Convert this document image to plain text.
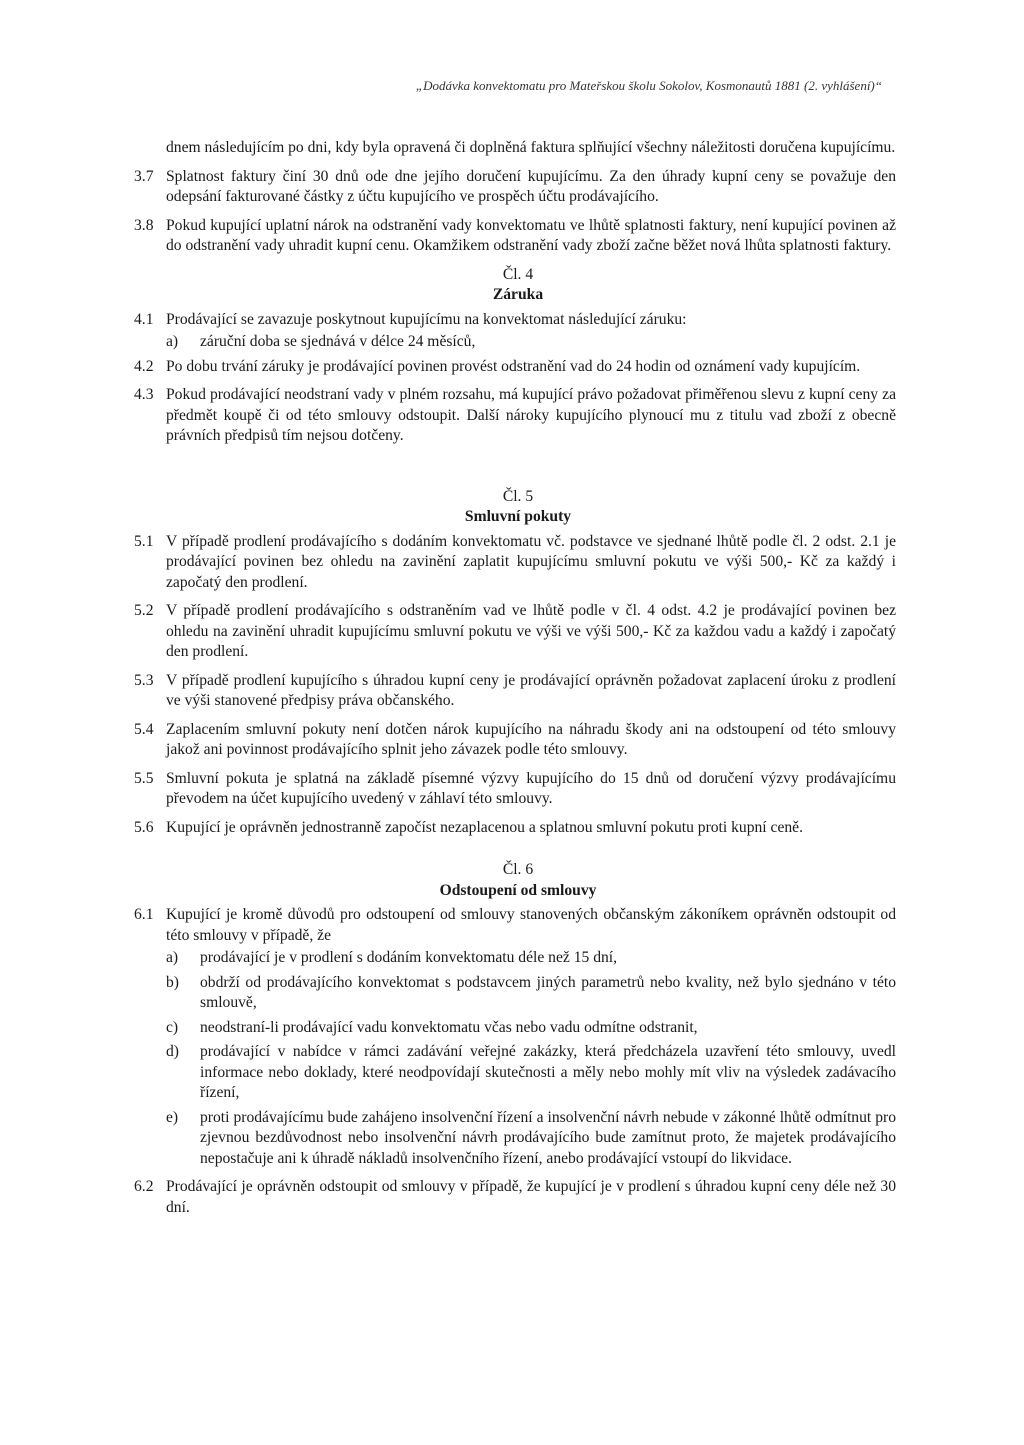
„Dodávka konvektomatu pro Mateřskou školu Sokolov, Kosmonautů 1881 (2. vyhlášení)“

dnem následujícím po dni, kdy byla opravená či doplněná faktura splňující všechny náležitosti doručena kupujícímu.

3.7 Splatnost faktury činí 30 dnů ode dne jejího doručení kupujícímu. Za den úhrady kupní ceny se považuje den odepsání fakturované částky z účtu kupujícího ve prospěch účtu prodávajícího.
3.8 Pokud kupující uplatní nárok na odstranění vady konvektomatu ve lhůtě splatnosti faktury, není kupující povinen až do odstranění vady uhradit kupní cenu. Okamžikem odstranění vady zboží začne běžet nová lhůta splatnosti faktury.
Čl. 4
Záruka
4.1 Prodávající se zavazuje poskytnout kupujícímu na konvektomat následující záruku:
a) záruční doba se sjednává v délce 24 měsíců,
4.2 Po dobu trvání záruky je prodávající povinen provést odstranění vad do 24 hodin od oznámení vady kupujícím.
4.3 Pokud prodávající neodstraní vady v plném rozsahu, má kupující právo požadovat přiměřenou slevu z kupní ceny za předmět koupě či od této smlouvy odstoupit. Další nároky kupujícího plynoucí mu z titulu vad zboží z obecně právních předpisů tím nejsou dotčeny.
Čl. 5
Smluvní pokuty
5.1 V případě prodlení prodávajícího s dodáním konvektomatu vč. podstavce ve sjednané lhůtě podle čl. 2 odst. 2.1 je prodávající povinen bez ohledu na zavinění zaplatit kupujícímu smluvní pokutu ve výši 500,- Kč za každý i započatý den prodlení.
5.2 V případě prodlení prodávajícího s odstraněním vad ve lhůtě podle v čl. 4 odst. 4.2 je prodávající povinen bez ohledu na zavinění uhradit kupujícímu smluvní pokutu ve výši ve výši 500,- Kč za každou vadu a každý i započatý den prodlení.
5.3 V případě prodlení kupujícího s úhradou kupní ceny je prodávající oprávněn požadovat zaplacení úroku z prodlení ve výši stanovené předpisy práva občanského.
5.4 Zaplacením smluvní pokuty není dotčen nárok kupujícího na náhradu škody ani na odstoupení od této smlouvy jakož ani povinnost prodávajícího splnit jeho závazek podle této smlouvy.
5.5 Smluvní pokuta je splatná na základě písemné výzvy kupujícího do 15 dnů od doručení výzvy prodávajícímu převodem na účet kupujícího uvedený v záhlaví této smlouvy.
5.6 Kupující je oprávněn jednostranně započíst nezaplacenou a splatnou smluvní pokutu proti kupní ceně.
Čl. 6
Odstoupení od smlouvy
6.1 Kupující je kromě důvodů pro odstoupení od smlouvy stanovených občanským zákoníkem oprávněn odstoupit od této smlouvy v případě, že
a) prodávající je v prodlení s dodáním konvektomatu déle než 15 dní,
b) obdrží od prodávajícího konvektomat s podstavcem jiných parametrů nebo kvality, než bylo sjednáno v této smlouvě,
c) neodstraní-li prodávající vadu konvektomatu včas nebo vadu odmítne odstranit,
d) prodávající v nabídce v rámci zadávání veřejné zakázky, která předcházela uzavření této smlouvy, uvedl informace nebo doklady, které neodpovídají skutečnosti a měly nebo mohly mít vliv na výsledek zadávacího řízení,
e) proti prodávajícímu bude zahájeno insolvenční řízení a insolvenční návrh nebude v zákonné lhůtě odmítnut pro zjevnou bezdůvodnost nebo insolvenční návrh prodávajícího bude zamítnut proto, že majetek prodávajícího nepostačuje ani k úhradě nákladů insolvenčního řízení, anebo prodávající vstoupí do likvidace.
6.2 Prodávající je oprávněn odstoupit od smlouvy v případě, že kupující je v prodlení s úhradou kupní ceny déle než 30 dní.
